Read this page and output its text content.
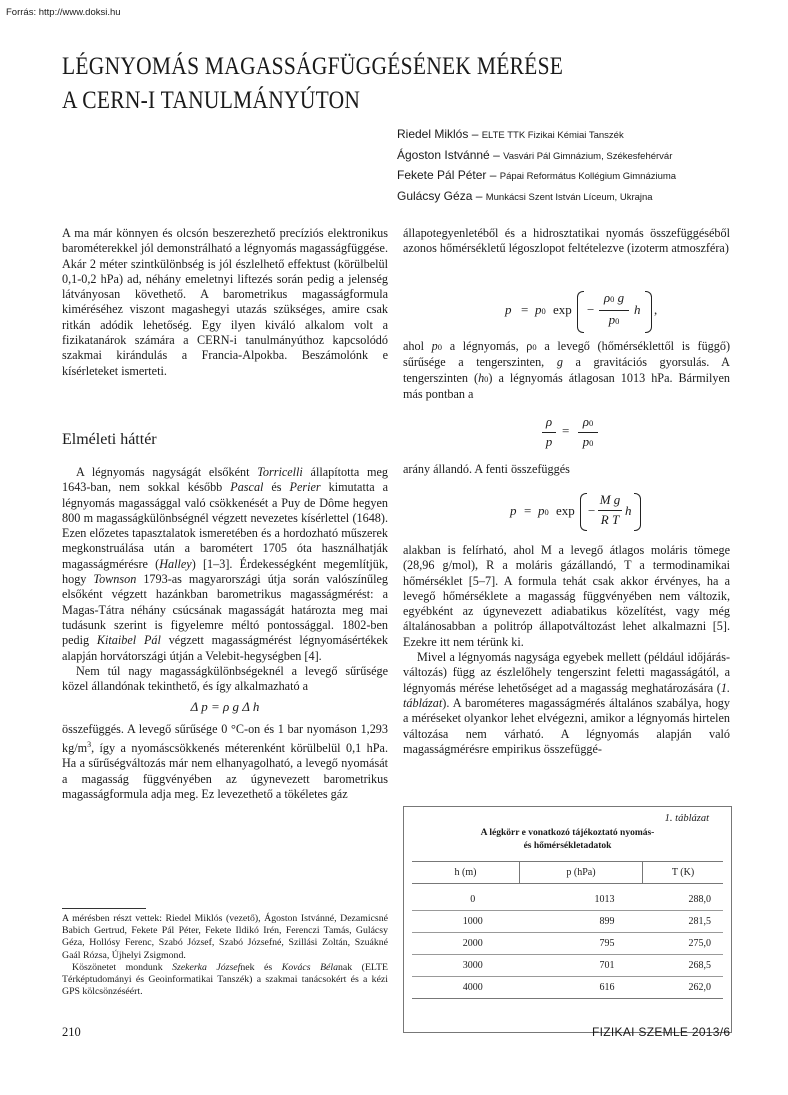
Forrás: http://www.doksi.hu
LÉGNYOMÁS MAGASSÁGFÜGGÉSÉNEK MÉRÉSE
A CERN-I TANULMÁNYÚTON
Riedel Miklós – ELTE TTK Fizikai Kémiai Tanszék
Ágoston Istvánné – Vasvári Pál Gimnázium, Székesfehérvár
Fekete Pál Péter – Pápai Református Kollégium Gimnáziuma
Gulácsy Géza – Munkácsi Szent István Líceum, Ukrajna

A ma már könnyen és olcsón beszerezhető precíziós elektronikus barométerekkel jól demonstrálható a légnyomás magasságfüggése. Akár 2 méter szintkülönbség is jól észlelhető effektust (körülbelül 0,1-0,2 hPa) ad, néhány emeletnyi liftezés során pedig a jelenség látványosan követhető. A barometrikus magasságformula kiméréséhez viszont magashegyi utazás szükséges, amire csak ritkán adódik lehetőség. Egy ilyen kiváló alkalom volt a fizikatanárok számára a CERN-i tanulmányúthoz kapcsolódó szakmai kirándulás a Francia-Alpokba. Beszámolónk e kísérleteket ismerteti.

Elméleti háttér

A légnyomás nagyságát elsőként Torricelli állapította meg 1643-ban, nem sokkal később Pascal és Perier kimutatta a légnyomás magassággal való csökkenését a Puy de Dôme hegyen 800 m magasságkülönbségnél végzett nevezetes kísérlettel (1648). Ezen előzetes tapasztalatok ismeretében és a hordozható műszerek megkonstruálása után a barométert 1705 óta használhatják magasságmérésre (Halley) [1–3]. Érdekességként megemlítjük, hogy Townson 1793-as magyarországi útja során valószínűleg elsőként végzett hazánkban barometrikus magasságmérést: a Magas-Tátra néhány csúcsának magasságát határozta meg mai tudásunk szerint is figyelemre méltó pontossággal. 1802-ben pedig Kitaibel Pál végzett magasságmérést légnyomásértékek alapján horvátországi útján a Velebit-hegységben [4].

Nem túl nagy magasságkülönbségeknél a levegő sűrűsége közel állandónak tekinthető, és így alkalmazható a

Δ p = ρ g Δ h

összefüggés. A levegő sűrűsége 0 °C-on és 1 bar nyomáson 1,293 $kg/m^3$, így a nyomáscsökkenés méterenként körülbelül 0,1 hPa. Ha a sűrűségváltozás már nem elhanyagolható, a levegő nyomását a magasság függvényében az úgynevezett barometrikus magasságformula adja meg. Ez levezethető a tökéletes gáz

A mérésben részt vettek: Riedel Miklós (vezető), Ágoston Istvánné, Dezamicsné Babich Gertrud, Fekete Pál Péter, Fekete Ildikó Irén, Ferenczi Tamás, Gulácsy Géza, Hollósy Ferenc, Szabó József, Szabó Józsefné, Szillási Zoltán, Szuákné Gaál Rózsa, Újhelyi Zsigmond.

Köszönetet mondunk Szekerka Józsefnek és Kovács Bélanak (ELTE Térképtudományi és Geoinformatikai Tanszék) a szakmai tanácsokért és a kézi GPS kölcsönzéséért.

állapotegyenletéből és a hidrosztatikai nyomás összefüggéséből azonos hőmérsékletű légoszlopot feltételezve (izoterm atmoszféra)

p = p0 exp −
ρ0 g
p0
h ,

ahol p0 a légnyomás, ρ0 a levegő (hőmérséklettől is függő) sűrűsége a tengerszinten, g a gravitációs gyorsulás. A tengerszinten (h0) a légnyomás átlagosan 1013 hPa. Bármilyen más pontban a

ρ
p
=
ρ0
p0

arány állandó. A fenti összefüggés

p = p0 exp −
M g
R T
h

alakban is felírható, ahol M a levegő átlagos moláris tömege (28,96 g/mol), R a moláris gázállandó, T a termodinamikai hőmérséklet [5–7]. A formula tehát csak akkor érvényes, ha a levegő hőmérséklete a magasság függvényében nem változik, egyébként az úgynevezett adiabatikus közelítést, vagy még általánosabban a politróp állapotváltozást lehet alkalmazni [5]. Ezekre itt nem térünk ki.

Mivel a légnyomás nagysága egyebek mellett (például időjárás-változás) függ az észlelőhely tengerszint feletti magasságától, a légnyomás mérése lehetőséget ad a magasság meghatározására (1. táblázat). A barométeres magasságmérés általános szabálya, hogy a méréseket olyankor lehet elvégezni, amikor a légnyomás hirtelen változása nem várható. A légnyomás alapján való magasságmérésre empirikus összefüggé-

1. táblázat
A légkörr e vonatkozó tájékoztató nyomás-
és hőmérsékletadatok
h (m)	p (hPa)	T (K)

0	1013	288,0
1000	899	281,5
2000	795	275,0
3000	701	268,5
4000	616	262,0
210	FIZIKAI SZEMLE 2013/6
